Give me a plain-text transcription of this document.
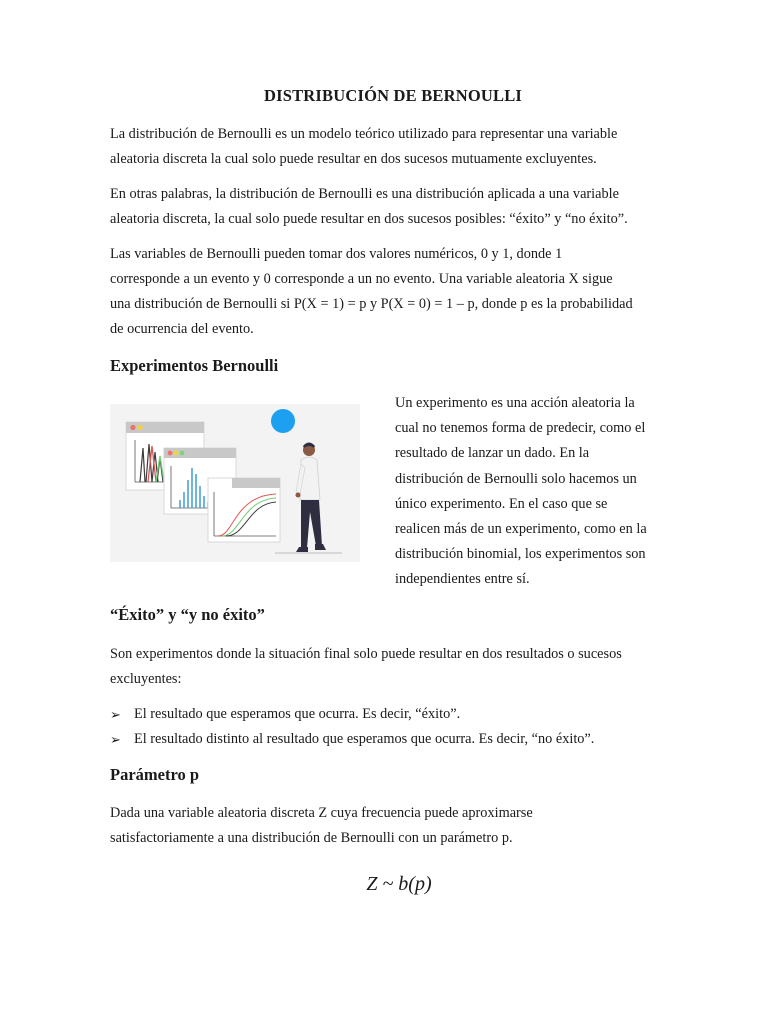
DISTRIBUCIÓN DE BERNOULLI

La distribución de Bernoulli es un modelo teórico utilizado para representar una variable
aleatoria discreta la cual solo puede resultar en dos sucesos mutuamente excluyentes.

En otras palabras, la distribución de Bernoulli es una distribución aplicada a una variable
aleatoria discreta, la cual solo puede resultar en dos sucesos posibles: “éxito” y “no éxito”.

Las variables de Bernoulli pueden tomar dos valores numéricos, 0 y 1, donde 1
corresponde a un evento y 0 corresponde a un no evento. Una variable aleatoria X sigue
una distribución de Bernoulli si P(X = 1) = p y P(X = 0) = 1 – p, donde p es la probabilidad
de ocurrencia del evento.

Experimentos Bernoulli

Un experimento es una acción aleatoria la
cual no tenemos forma de predecir, como el
resultado de lanzar un dado. En la
distribución de Bernoulli solo hacemos un
único experimento. En el caso que se
realicen más de un experimento, como en la
distribución binomial, los experimentos son
independientes entre sí.

“Éxito” y “y no éxito”

Son experimentos donde la situación final solo puede resultar en dos resultados o sucesos
excluyentes:

➢ El resultado que esperamos que ocurra. Es decir, “éxito”.

➢ El resultado distinto al resultado que esperamos que ocurra. Es decir, “no éxito”.

Parámetro p

Dada una variable aleatoria discreta Z cuya frecuencia puede aproximarse
satisfactoriamente a una distribución de Bernoulli con un parámetro p.

Z ~ b(p)
